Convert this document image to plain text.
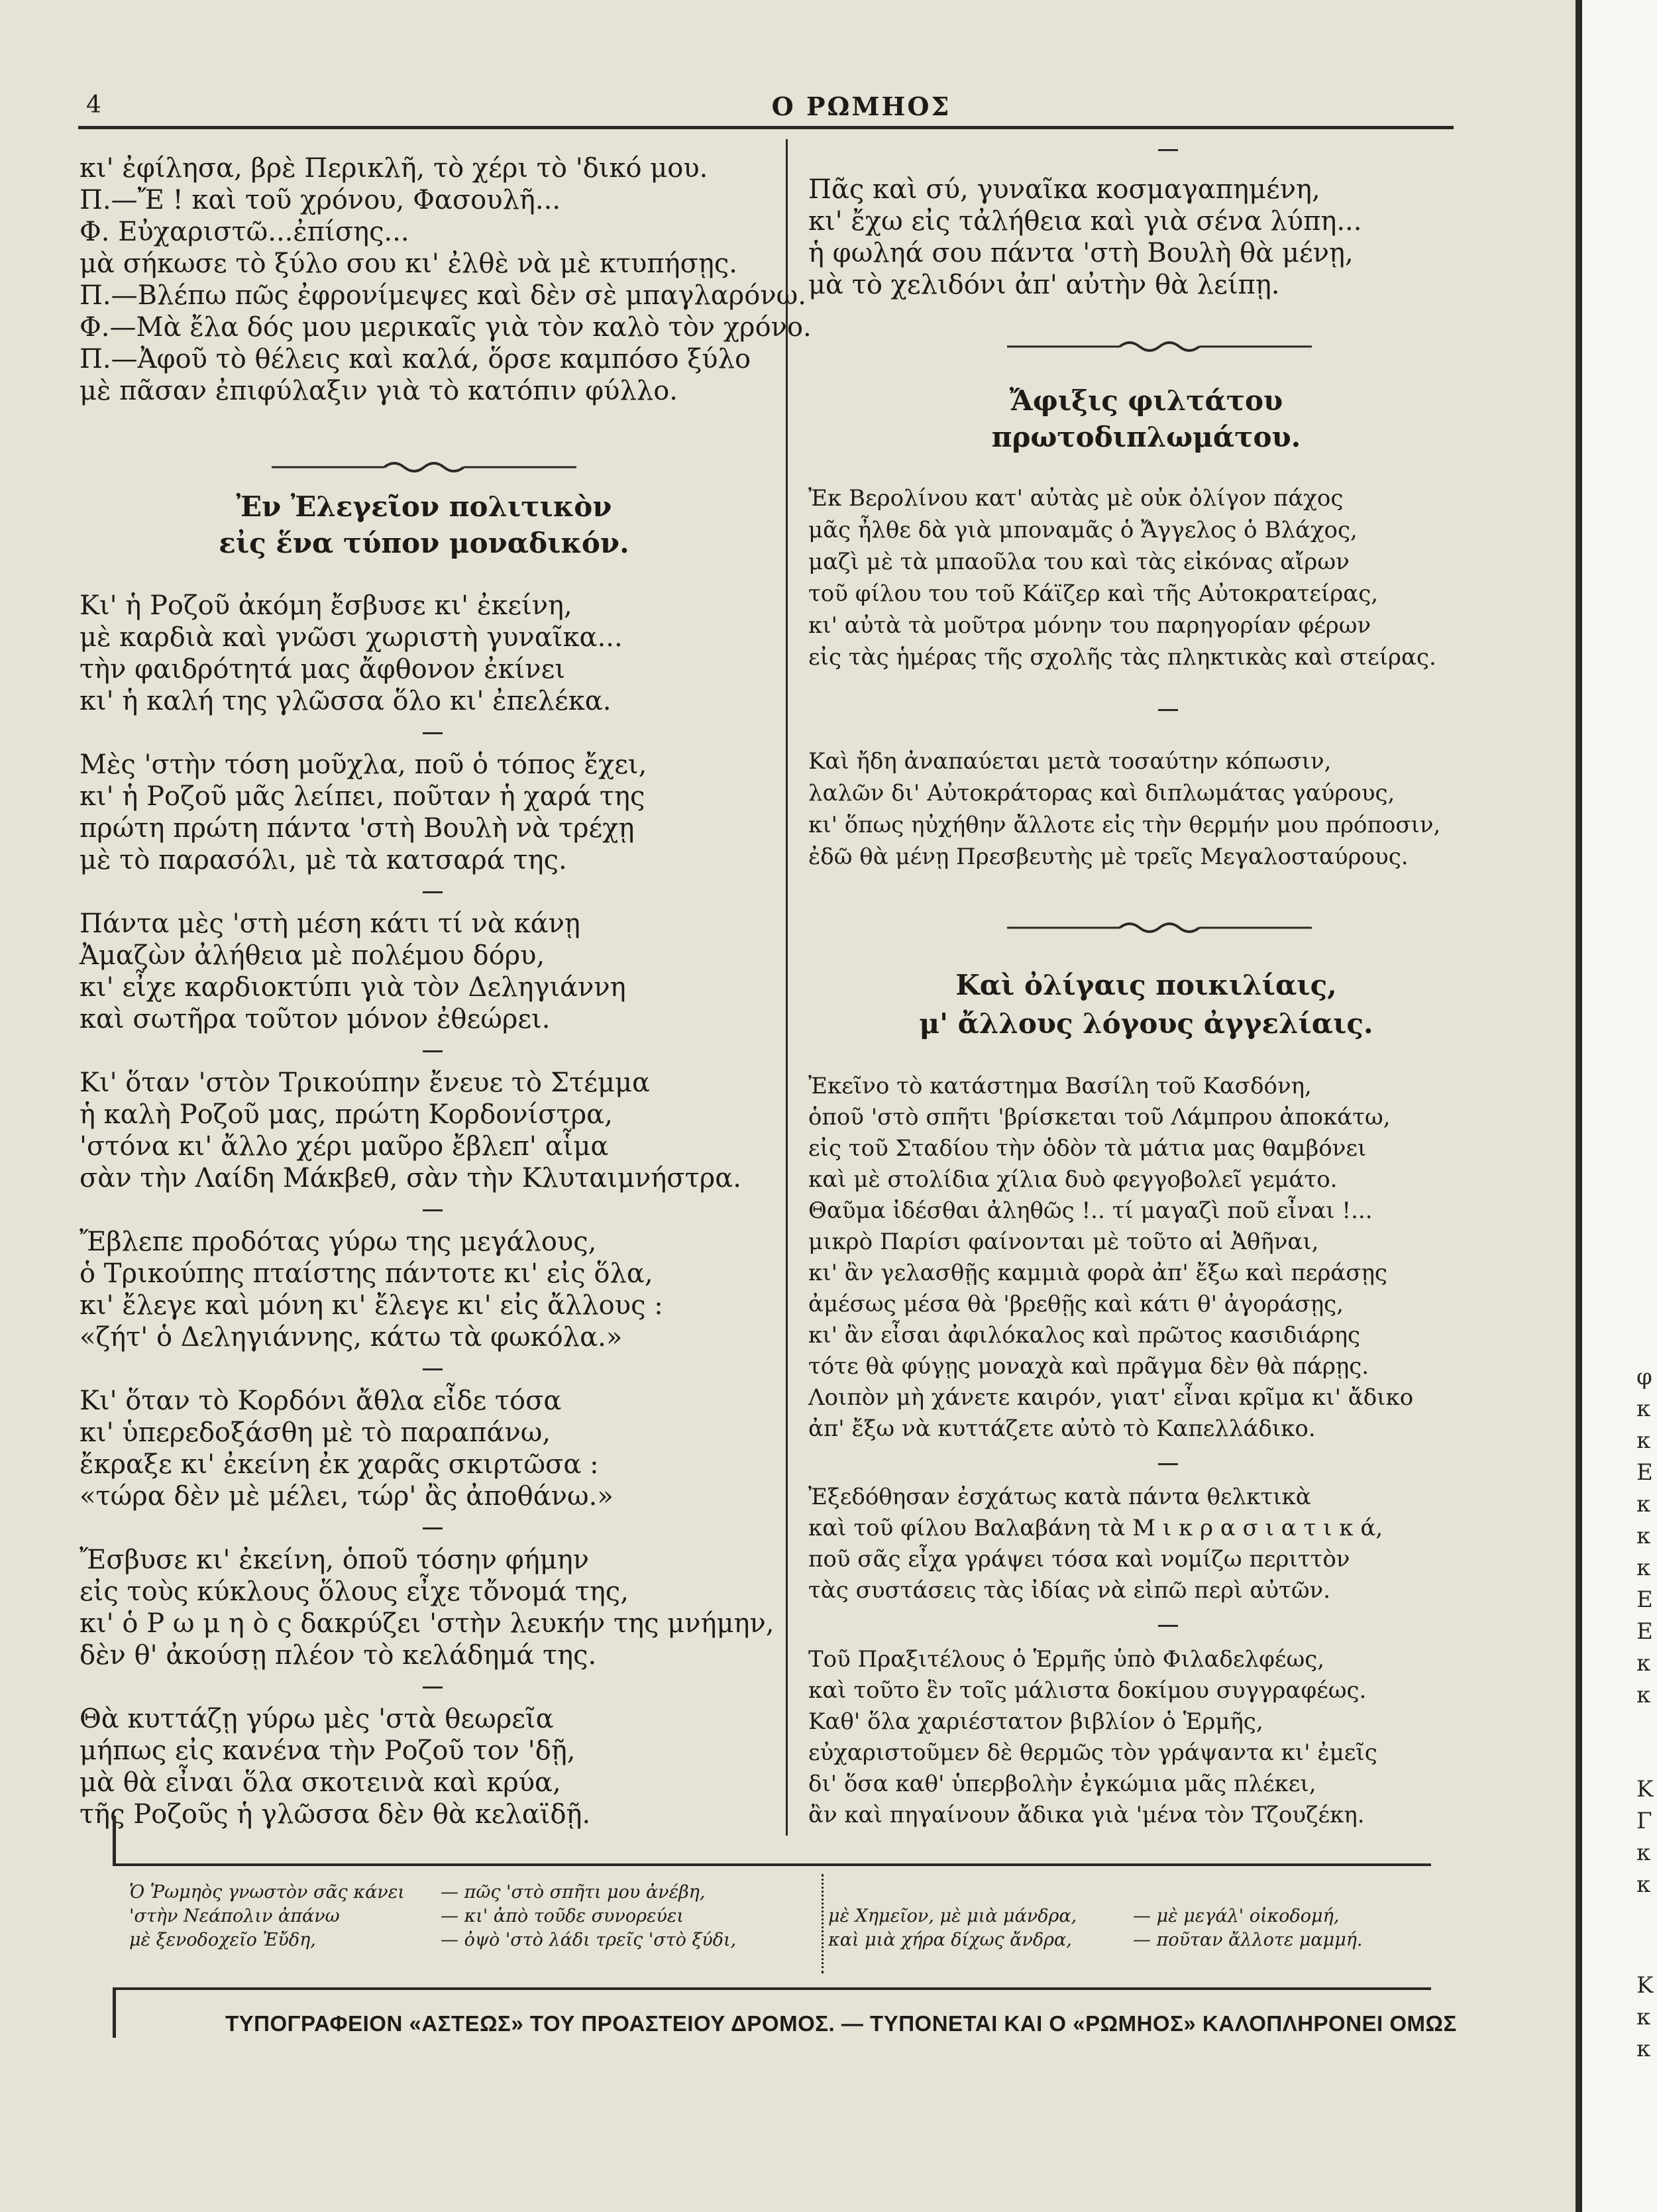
4	Ο ΡΩΜΗΟΣ
κι' ἐφίλησα, βρὲ Περικλῆ, τὸ χέρι τὸ 'δικό μου.
Π.—Ἔ ! καὶ τοῦ χρόνου, Φασουλῆ...
Φ. Εὐχαριστῶ...ἐπίσης...
μὰ σήκωσε τὸ ξύλο σου κι' ἐλθὲ νὰ μὲ κτυπήσῃς.
Π.—Βλέπω πῶς ἐφρονίμεψες καὶ δὲν σὲ μπαγλαρόνω.
Φ.—Μὰ ἔλα δός μου μερικαῖς γιὰ τὸν καλὸ τὸν χρόνο.
Π.—Ἀφοῦ τὸ θέλεις καὶ καλά, ὅρσε καμπόσο ξύλο
μὲ πᾶσαν ἐπιφύλαξιν γιὰ τὸ κατόπιν φύλλο.
Ἐν Ἐλεγεῖον πολιτικὸν
εἰς ἕνα τύπον μοναδικόν.
Κι' ἡ Ροζοῦ ἀκόμη ἔσβυσε κι' ἐκείνη,
μὲ καρδιὰ καὶ γνῶσι χωριστὴ γυναῖκα...
τὴν φαιδρότητά μας ἄφθονον ἐκίνει
κι' ἡ καλή της γλῶσσα ὅλο κι' ἐπελέκα.
Μὲς 'στὴν τόση μοῦχλα, ποῦ ὁ τόπος ἔχει,
κι' ἡ Ροζοῦ μᾶς λείπει, ποῦταν ἡ χαρά της
πρώτη πρώτη πάντα 'στὴ Βουλὴ νὰ τρέχῃ
μὲ τὸ παρασόλι, μὲ τὰ κατσαρά της.
Πάντα μὲς 'στὴ μέση κάτι τί νὰ κάνῃ
Ἀμαζὼν ἀλήθεια μὲ πολέμου δόρυ,
κι' εἶχε καρδιοκτύπι γιὰ τὸν Δεληγιάννη
καὶ σωτῆρα τοῦτον μόνον ἐθεώρει.
Κι' ὅταν 'στὸν Τρικούπην ἔνευε τὸ Στέμμα
ἡ καλὴ Ροζοῦ μας, πρώτη Κορδονίστρα,
'στόνα κι' ἄλλο χέρι μαῦρο ἔβλεπ' αἷμα
σὰν τὴν Λαίδη Μάκβεθ, σὰν τὴν Κλυταιμνήστρα.
Ἔβλεπε προδότας γύρω της μεγάλους,
ὁ Τρικούπης πταίστης πάντοτε κι' εἰς ὅλα,
κι' ἔλεγε καὶ μόνη κι' ἔλεγε κι' εἰς ἄλλους :
«ζήτ' ὁ Δεληγιάννης, κάτω τὰ φωκόλα.»
Κι' ὅταν τὸ Κορδόνι ἄθλα εἶδε τόσα
κι' ὑπερεδοξάσθη μὲ τὸ παραπάνω,
ἔκραξε κι' ἐκείνη ἐκ χαρᾶς σκιρτῶσα :
«τώρα δὲν μὲ μέλει, τώρ' ἂς ἀποθάνω.»
Ἔσβυσε κι' ἐκείνη, ὁποῦ τόσην φήμην
εἰς τοὺς κύκλους ὅλους εἶχε τὄνομά της,
κι' ὁ Ρ ω μ η ὸ ς δακρύζει 'στὴν λευκήν της μνήμην,
δὲν θ' ἀκούσῃ πλέον τὸ κελάδημά της.
Θὰ κυττάζῃ γύρω μὲς 'στὰ θεωρεῖα
μήπως εἰς κανένα τὴν Ροζοῦ τον 'δῇ,
μὰ θὰ εἶναι ὅλα σκοτεινὰ καὶ κρύα,
τῆς Ροζοῦς ἡ γλῶσσα δὲν θὰ κελαϊδῇ.
Πᾶς καὶ σύ, γυναῖκα κοσμαγαπημένη,
κι' ἔχω εἰς τἀλήθεια καὶ γιὰ σένα λύπη...
ἡ φωληά σου πάντα 'στὴ Βουλὴ θὰ μένῃ,
μὰ τὸ χελιδόνι ἀπ' αὐτὴν θὰ λείπῃ.
Ἄφιξις φιλτάτου
πρωτοδιπλωμάτου.
Ἐκ Βερολίνου κατ' αὐτὰς μὲ οὐκ ὀλίγον πάχος
μᾶς ἦλθε δὰ γιὰ μποναμᾶς ὁ Ἄγγελος ὁ Βλάχος,
μαζὶ μὲ τὰ μπαοῦλα του καὶ τὰς εἰκόνας αἴρων
τοῦ φίλου του τοῦ Κάϊζερ καὶ τῆς Αὐτοκρατείρας,
κι' αὐτὰ τὰ μοῦτρα μόνην του παρηγορίαν φέρων
εἰς τὰς ἡμέρας τῆς σχολῆς τὰς πληκτικὰς καὶ στείρας.
Καὶ ἤδη ἀναπαύεται μετὰ τοσαύτην κόπωσιν,
λαλῶν δι' Αὐτοκράτορας καὶ διπλωμάτας γαύρους,
κι' ὅπως ηὐχήθην ἄλλοτε εἰς τὴν θερμήν μου πρόποσιν,
ἐδῶ θὰ μένῃ Πρεσβευτὴς μὲ τρεῖς Μεγαλοσταύρους.
Καὶ ὀλίγαις ποικιλίαις,
μ' ἄλλους λόγους ἀγγελίαις.
Ἐκεῖνο τὸ κατάστημα Βασίλη τοῦ Κασδόνη,
ὁποῦ 'στὸ σπῆτι 'βρίσκεται τοῦ Λάμπρου ἀποκάτω,
εἰς τοῦ Σταδίου τὴν ὁδὸν τὰ μάτια μας θαμβόνει
καὶ μὲ στολίδια χίλια δυὸ φεγγοβολεῖ γεμάτο.
Θαῦμα ἰδέσθαι ἀληθῶς !.. τί μαγαζὶ ποῦ εἶναι !...
μικρὸ Παρίσι φαίνονται μὲ τοῦτο αἱ Ἀθῆναι,
κι' ἂν γελασθῇς καμμιὰ φορὰ ἀπ' ἔξω καὶ περάσῃς
ἀμέσως μέσα θὰ 'βρεθῇς καὶ κάτι θ' ἀγοράσῃς,
κι' ἂν εἶσαι ἀφιλόκαλος καὶ πρῶτος κασιδιάρης
τότε θὰ φύγῃς μοναχὰ καὶ πρᾶγμα δὲν θὰ πάρῃς.
Λοιπὸν μὴ χάνετε καιρόν, γιατ' εἶναι κρῖμα κι' ἄδικο
ἀπ' ἔξω νὰ κυττάζετε αὐτὸ τὸ Καπελλάδικο.
Ἐξεδόθησαν ἐσχάτως κατὰ πάντα θελκτικὰ
καὶ τοῦ φίλου Βαλαβάνη τὰ Μ ι κ ρ α σ ι α τ ι κ ά,
ποῦ σᾶς εἶχα γράψει τόσα καὶ νομίζω περιττὸν
τὰς συστάσεις τὰς ἰδίας νὰ εἰπῶ περὶ αὐτῶν.
Τοῦ Πραξιτέλους ὁ Ἑρμῆς ὑπὸ Φιλαδελφέως,
καὶ τοῦτο ἓν τοῖς μάλιστα δοκίμου συγγραφέως.
Καθ' ὅλα χαριέστατον βιβλίον ὁ Ἑρμῆς,
εὐχαριστοῦμεν δὲ θερμῶς τὸν γράψαντα κι' ἐμεῖς
δι' ὅσα καθ' ὑπερβολὴν ἐγκώμια μᾶς πλέκει,
ἂν καὶ πηγαίνουν ἄδικα γιὰ 'μένα τὸν Τζουζέκη.
Ὁ Ῥωμηὸς γνωστὸν σᾶς κάνει
'στὴν Νεάπολιν ἀπάνω
μὲ ξενοδοχεῖο Ἐὔδη,
— πῶς 'στὸ σπῆτι μου ἀνέβη,
— κι' ἀπὸ τοῦδε συνορεύει
— ὀψὸ 'στὸ λάδι τρεῖς 'στὸ ξύδι,
μὲ Χημεῖον, μὲ μιὰ μάνδρα,
καὶ μιὰ χήρα δίχως ἄνδρα,
— μὲ μεγάλ' οἰκοδομή,
— ποῦταν ἄλλοτε μαμμή.
ΤΥΠΟΓΡΑΦΕΙΟΝ «ΑΣΤΕΩΣ» ΤΟΥ ΠΡΟΑΣΤΕΙΟΥ ΔΡΟΜΟΣ. — ΤΥΠΟΝΕΤΑΙ ΚΑΙ Ο «ΡΩΜΗΟΣ» ΚΑΛΟΠΛΗΡΟΝΕΙ ΟΜΩΣ
φ
κ
κ
Ε
κ
κ
κ
Ε
Ε
κ
κ
Κ
Γ
κ
κ
Κ
κ
κ
